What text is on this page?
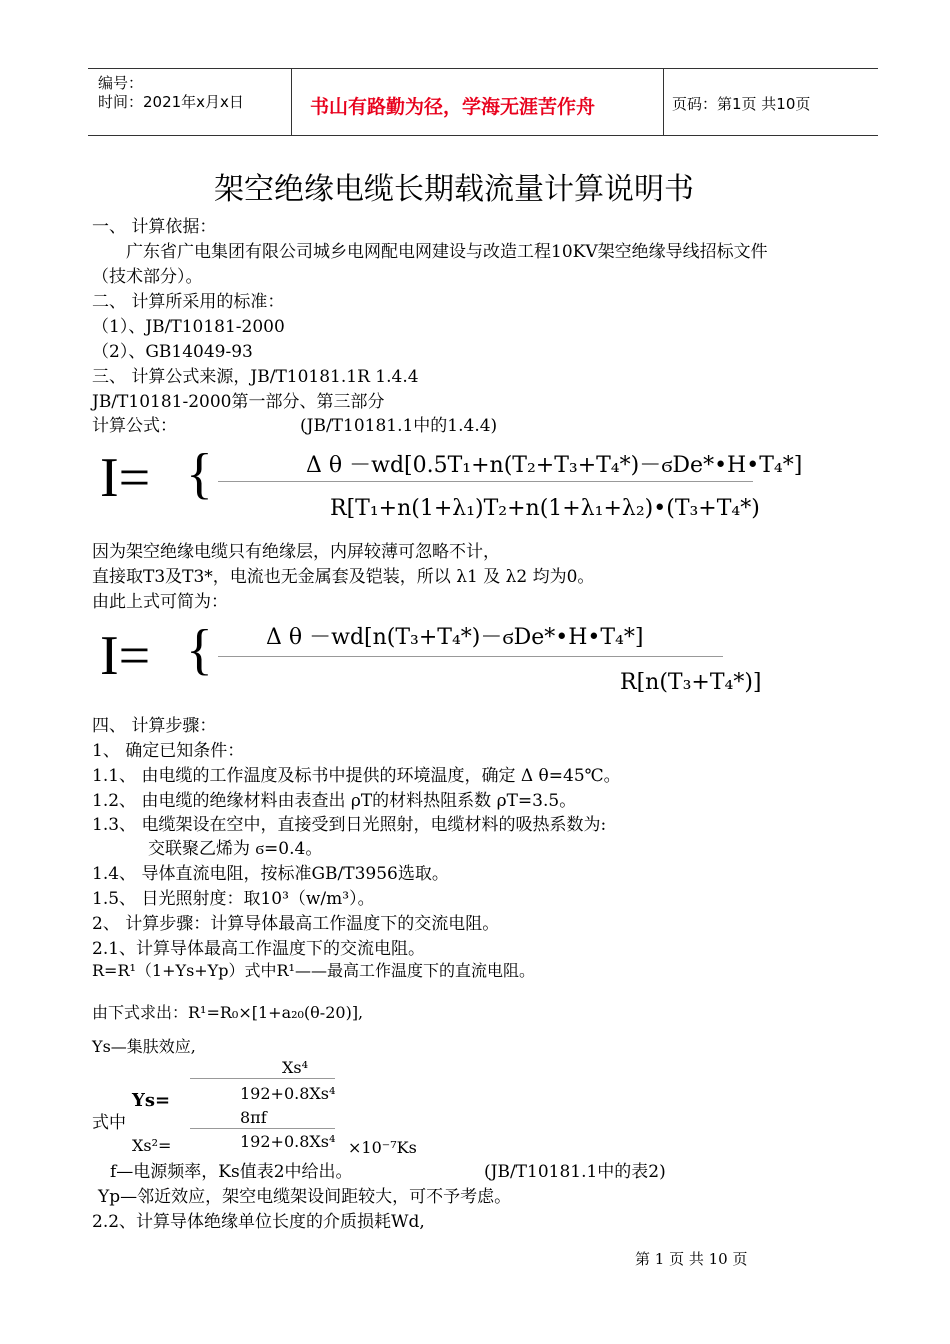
编号：
时间：2021年x月x日	书山有路勤为径，学海无涯苦作舟	页码：第1页 共10页
架空绝缘电缆长期载流量计算说明书
一、 计算依据：
广东省广电集团有限公司城乡电网配电网建设与改造工程10KV架空绝缘导线招标文件
（技术部分）。
二、 计算所采用的标准：
（1）、JB/T10181-2000
（2）、GB14049-93
三、 计算公式来源，JB/T10181.1R 1.4.4
JB/T10181-2000第一部分、第三部分
计算公式：	(JB/T10181.1中的1.4.4)
I= {	Δ θ －wd[0.5T₁+n(T₂+T₃+T₄*)－ϭDe*•H•T₄*]
R[T₁+n(1+λ₁)T₂+n(1+λ₁+λ₂)•(T₃+T₄*)
因为架空绝缘电缆只有绝缘层，内屏较薄可忽略不计，
直接取T3及T3*，电流也无金属套及铠装，所以 λ1 及 λ2 均为0。
由此上式可简为：
I= { Δ θ －wd[n(T₃+T₄*)－ϭDe*•H•T₄*]
R[n(T₃+T₄*)]
四、 计算步骤：
1、 确定已知条件：
1.1、 由电缆的工作温度及标书中提供的环境温度，确定 Δ θ=45℃。
1.2、 由电缆的绝缘材料由表查出 ρT的材料热阻系数 ρT=3.5。
1.3、 电缆架设在空中，直接受到日光照射，电缆材料的吸热系数为:
交联聚乙烯为 ϭ=0.4。
1.4、 导体直流电阻，按标准GB/T3956选取。
1.5、 日光照射度：取10³（w/m³）。
2、 计算步骤：计算导体最高工作温度下的交流电阻。
2.1、计算导体最高工作温度下的交流电阻。
R=R¹（1+Ys+Yp）式中R¹——最高工作温度下的直流电阻。
由下式求出：R¹=R₀×[1+a₂₀(θ-20)],
Ys—集肤效应,
Xs⁴
192+0.8Xs⁴
Ys=
式中	8πf
Xs²=	192+0.8Xs⁴ ×10⁻⁷Ks
f—电源频率，Ks值表2中给出。	(JB/T10181.1中的表2)
Yp—邻近效应，架空电缆架设间距较大，可不予考虑。
2.2、计算导体绝缘单位长度的介质损耗Wd,
第 1 页 共 10 页
